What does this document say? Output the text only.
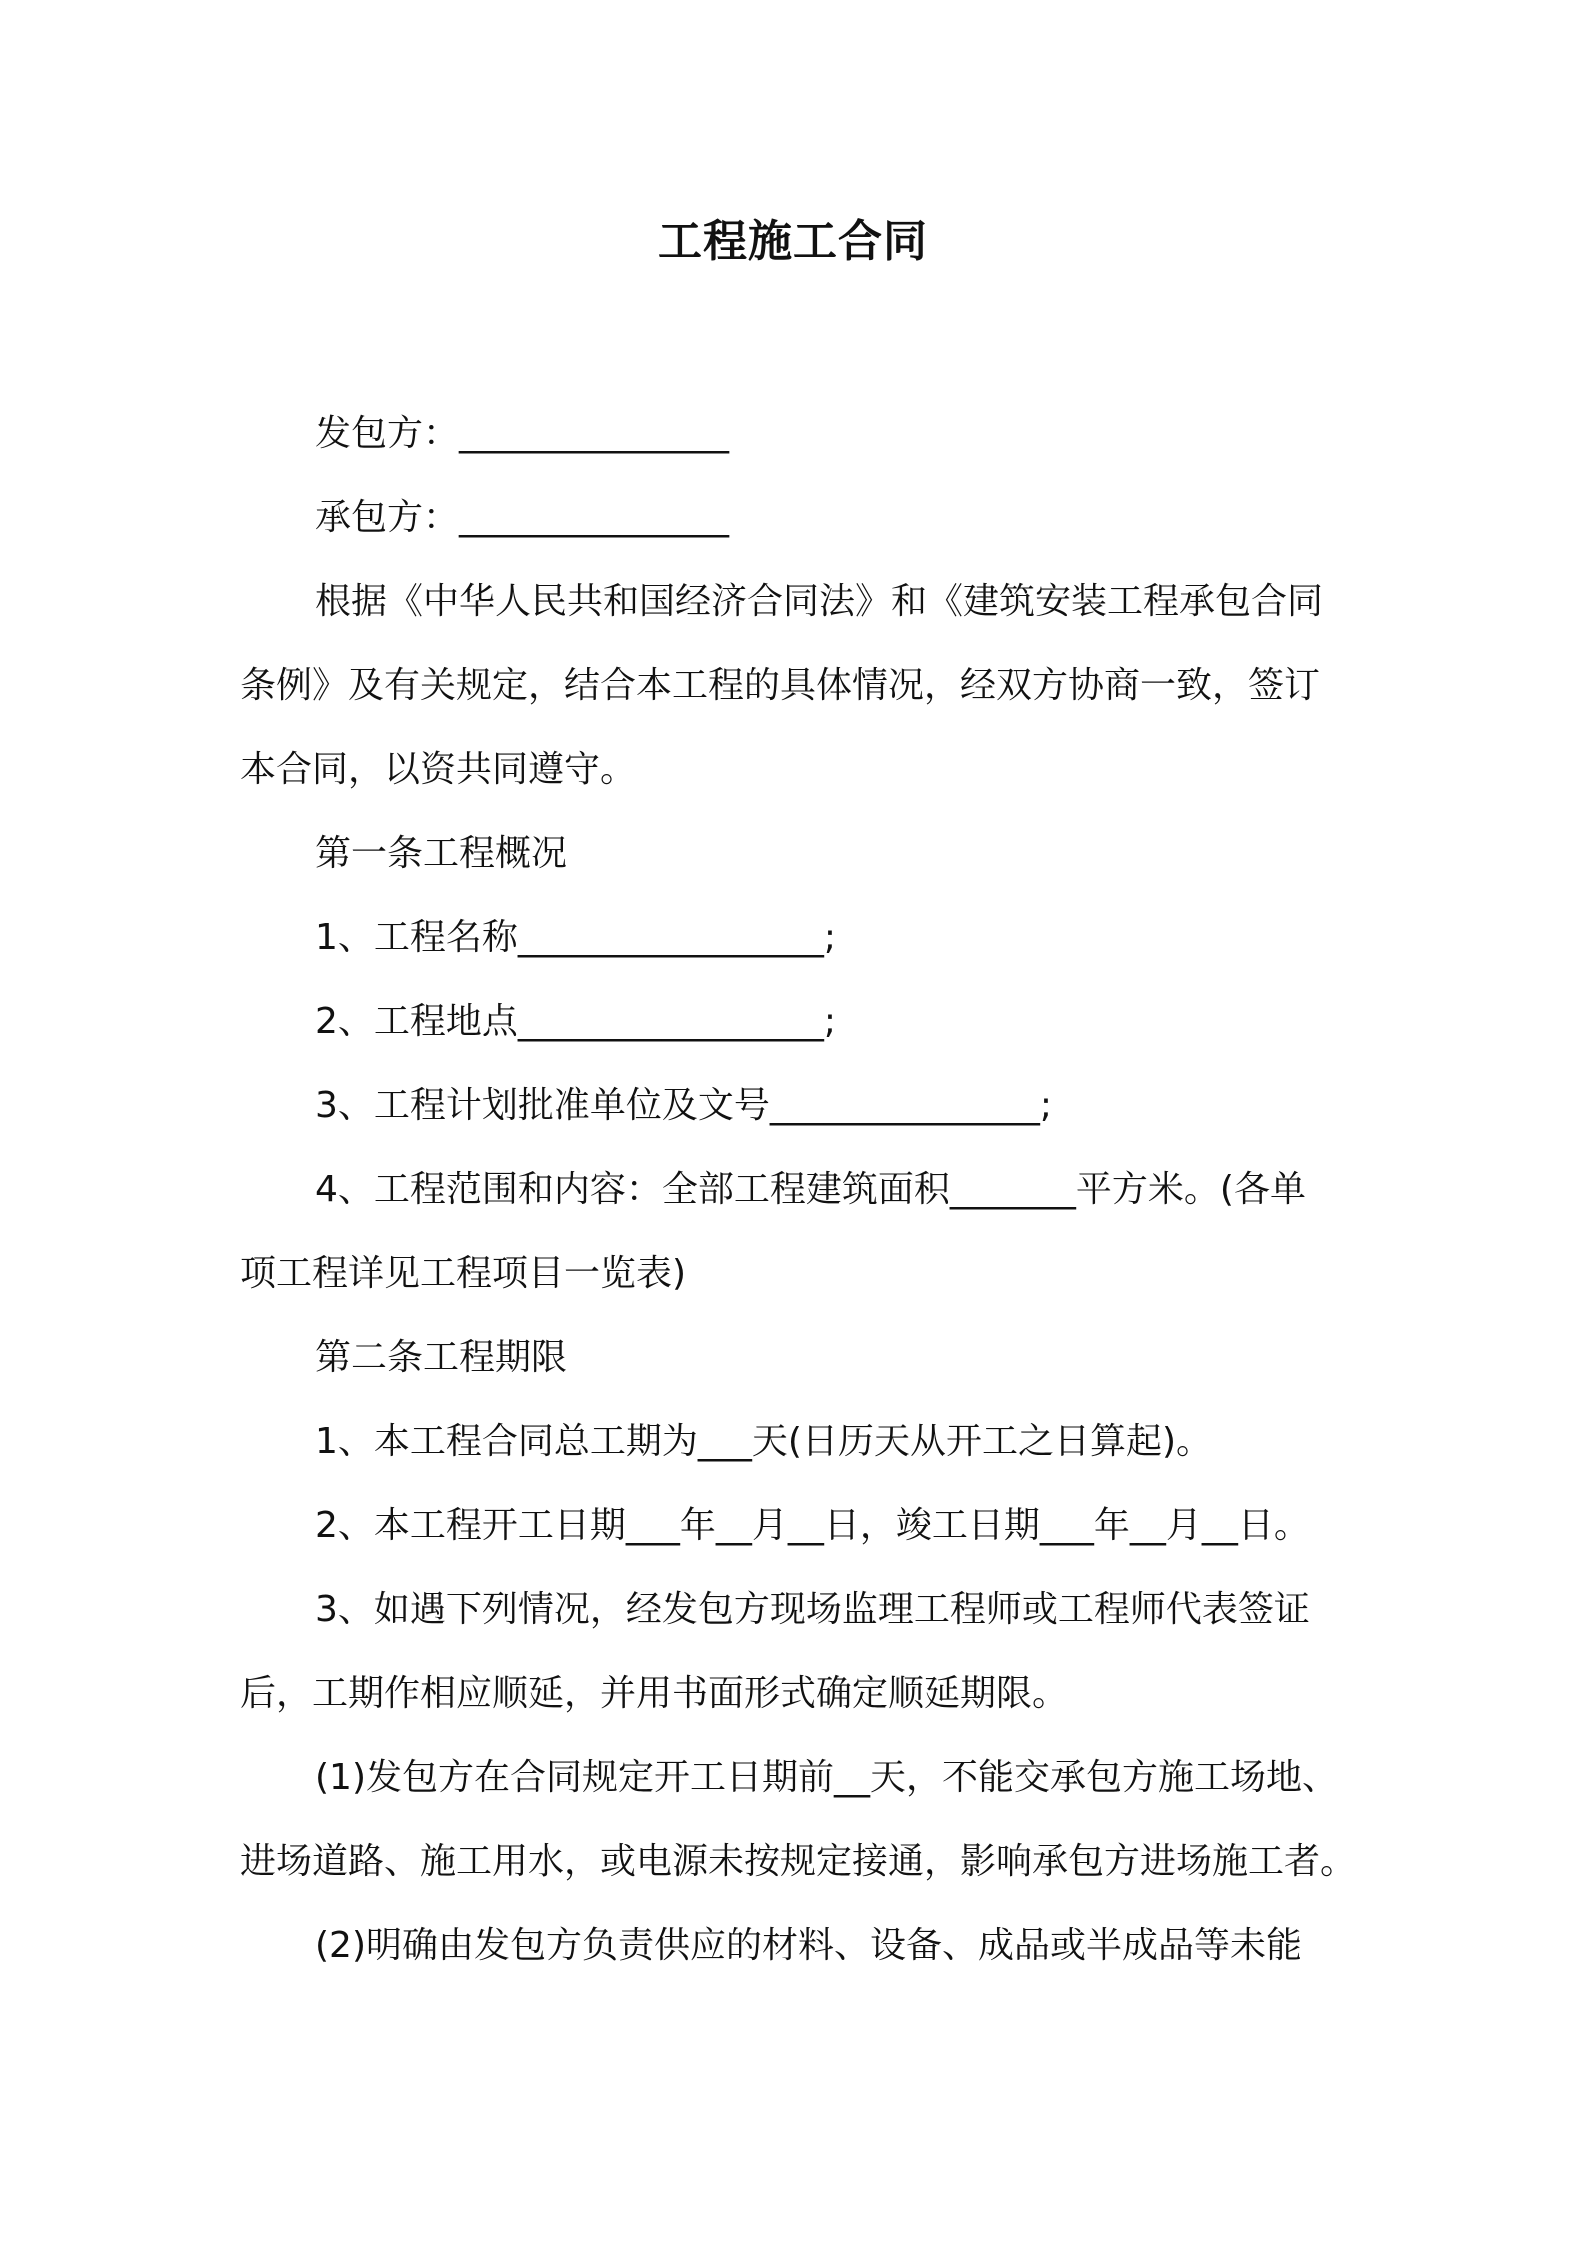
工程施工合同
发包方：_______________
承包方：_______________
根据《中华人民共和国经济合同法》和《建筑安装工程承包合同
条例》及有关规定，结合本工程的具体情况，经双方协商一致，签订
本合同，以资共同遵守。
第一条工程概况
1、工程名称_________________;
2、工程地点_________________;
3、工程计划批准单位及文号_______________;
4、工程范围和内容：全部工程建筑面积_______平方米。(各单
项工程详见工程项目一览表)
第二条工程期限
1、本工程合同总工期为___天(日历天从开工之日算起)。
2、本工程开工日期___年__月__日，竣工日期___年__月__日。
3、如遇下列情况，经发包方现场监理工程师或工程师代表签证
后，工期作相应顺延，并用书面形式确定顺延期限。
(1)发包方在合同规定开工日期前__天，不能交承包方施工场地、
进场道路、施工用水，或电源未按规定接通，影响承包方进场施工者。
(2)明确由发包方负责供应的材料、设备、成品或半成品等未能
